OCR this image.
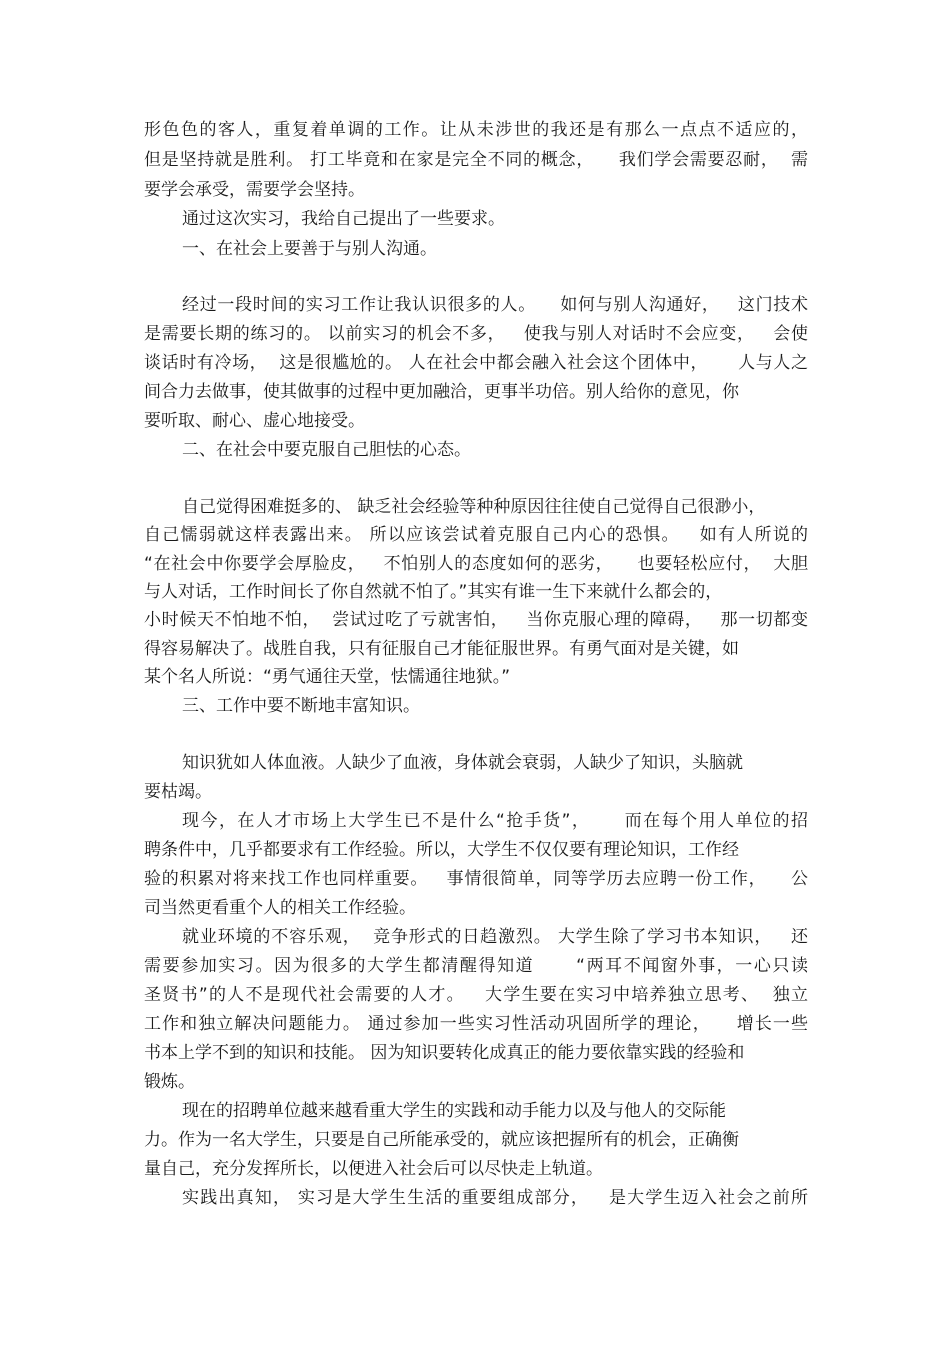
形色色的客人，重复着单调的工作。让从未涉世的我还是有那么一点点不适应的，
但是坚持就是胜利。 打工毕竟和在家是完全不同的概念，    我们学会需要忍耐，  需
要学会承受，需要学会坚持。
通过这次实习，我给自己提出了一些要求。
一、在社会上要善于与别人沟通。
经过一段时间的实习工作让我认识很多的人。    如何与别人沟通好，   这门技术
是需要长期的练习的。 以前实习的机会不多，   使我与别人对话时不会应变，   会使
谈话时有冷场，  这是很尴尬的。 人在社会中都会融入社会这个团体中，     人与人之
间合力去做事，使其做事的过程中更加融洽，更事半功倍。别人给你的意见，你
要听取、耐心、虚心地接受。
二、在社会中要克服自己胆怯的心态。
自己觉得困难挺多的、 缺乏社会经验等种种原因往往使自己觉得自己很渺小，
自己懦弱就这样表露出来。 所以应该尝试着克服自己内心的恐惧。   如有人所说的
“在社会中你要学会厚脸皮，   不怕别人的态度如何的恶劣，    也要轻松应付，  大胆
与人对话，工作时间长了你自然就不怕了。”其实有谁一生下来就什么都会的，
小时候天不怕地不怕，  尝试过吃了亏就害怕，   当你克服心理的障碍，   那一切都变
得容易解决了。战胜自我，只有征服自己才能征服世界。有勇气面对是关键，如
某个名人所说：“勇气通往天堂，怯懦通往地狱。”
三、工作中要不断地丰富知识。
知识犹如人体血液。人缺少了血液，身体就会衰弱，人缺少了知识，头脑就
要枯竭。
现今，在人才市场上大学生已不是什么“抢手货”，     而在每个用人单位的招
聘条件中，几乎都要求有工作经验。所以，大学生不仅仅要有理论知识，工作经
验的积累对将来找工作也同样重要。   事情很简单，同等学历去应聘一份工作，    公
司当然更看重个人的相关工作经验。
就业环境的不容乐观，  竞争形式的日趋激烈。 大学生除了学习书本知识，   还
需要参加实习。因为很多的大学生都清醒得知道      “两耳不闻窗外事，一心只读
圣贤书”的人不是现代社会需要的人才。   大学生要在实习中培养独立思考、  独立
工作和独立解决问题能力。 通过参加一些实习性活动巩固所学的理论，    增长一些
书本上学不到的知识和技能。 因为知识要转化成真正的能力要依靠实践的经验和
锻炼。
现在的招聘单位越来越看重大学生的实践和动手能力以及与他人的交际能
力。作为一名大学生，只要是自己所能承受的，就应该把握所有的机会，正确衡
量自己，充分发挥所长，以便进入社会后可以尽快走上轨道。
实践出真知， 实习是大学生生活的重要组成部分，   是大学生迈入社会之前所
